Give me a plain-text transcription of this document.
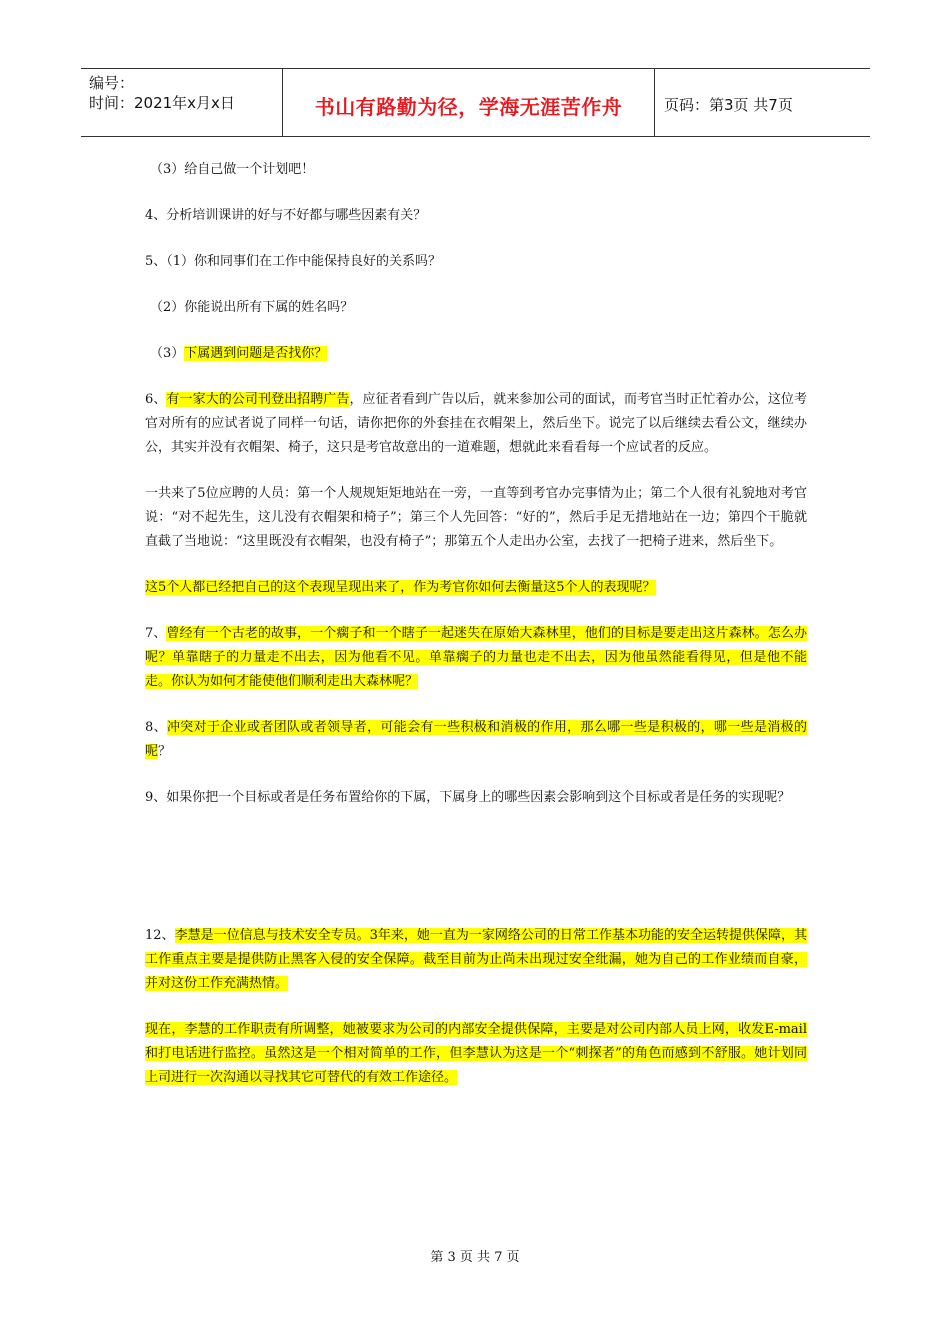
编号：
时间：2021年x月x日	书山有路勤为径，学海无涯苦作舟	页码：第3页 共7页

（3）给自己做一个计划吧！

4、分析培训课讲的好与不好都与哪些因素有关？

5、（1）你和同事们在工作中能保持良好的关系吗？

（2）你能说出所有下属的姓名吗？

（3）下属遇到问题是否找你？

6、有一家大的公司刊登出招聘广告，应征者看到广告以后，就来参加公司的面试，而考官当时正忙着办公，这位考官对所有的应试者说了同样一句话，请你把你的外套挂在衣帽架上，然后坐下。说完了以后继续去看公文，继续办公，其实并没有衣帽架、椅子，这只是考官故意出的一道难题，想就此来看看每一个应试者的反应。

一共来了5位应聘的人员：第一个人规规矩矩地站在一旁，一直等到考官办完事情为止；第二个人很有礼貌地对考官说：“对不起先生，这儿没有衣帽架和椅子”；第三个人先回答：“好的”，然后手足无措地站在一边；第四个干脆就直截了当地说：“这里既没有衣帽架，也没有椅子”；那第五个人走出办公室，去找了一把椅子进来，然后坐下。

这5个人都已经把自己的这个表现呈现出来了，作为考官你如何去衡量这5个人的表现呢？

7、曾经有一个古老的故事，一个瘸子和一个瞎子一起迷失在原始大森林里，他们的目标是要走出这片森林。怎么办呢？单靠瞎子的力量走不出去，因为他看不见。单靠瘸子的力量也走不出去，因为他虽然能看得见，但是他不能走。你认为如何才能使他们顺利走出大森林呢？

8、冲突对于企业或者团队或者领导者，可能会有一些积极和消极的作用，那么哪一些是积极的，哪一些是消极的呢？

9、如果你把一个目标或者是任务布置给你的下属，下属身上的哪些因素会影响到这个目标或者是任务的实现呢？

12、李慧是一位信息与技术安全专员。3年来，她一直为一家网络公司的日常工作基本功能的安全运转提供保障，其工作重点主要是提供防止黑客入侵的安全保障。截至目前为止尚未出现过安全纰漏，她为自己的工作业绩而自豪，并对这份工作充满热情。

现在，李慧的工作职责有所调整，她被要求为公司的内部安全提供保障，主要是对公司内部人员上网，收发E-mail和打电话进行监控。虽然这是一个相对简单的工作，但李慧认为这是一个“刺探者”的角色而感到不舒服。她计划同上司进行一次沟通以寻找其它可替代的有效工作途径。

第 3 页 共 7 页
